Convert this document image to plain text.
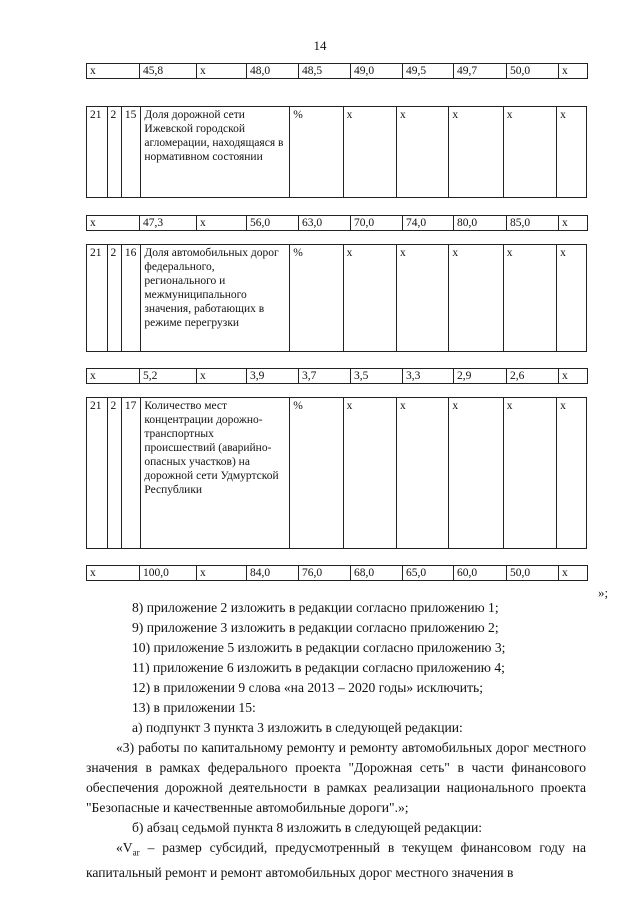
14
x	45,8	x	48,0	48,5	49,0	49,5	49,7	50,0	x
21	2	15	Доля дорожной сети Ижевской городской агломерации, находящаяся в нормативном состоянии	%	x	x	x	x	x
x	47,3	x	56,0	63,0	70,0	74,0	80,0	85,0	x
21	2	16	Доля автомобильных дорог федерального, регионального и межмуниципального значения, работающих в режиме перегрузки	%	x	x	x	x	x
x	5,2	x	3,9	3,7	3,5	3,3	2,9	2,6	x
21	2	17	Количество мест концентрации дорожно-транспортных происшествий (аварийно-опасных участков) на дорожной сети Удмуртской Республики	%	x	x	x	x	x
x	100,0	x	84,0	76,0	68,0	65,0	60,0	50,0	x
»;

8) приложение 2 изложить в редакции согласно приложению 1;

9) приложение 3 изложить в редакции согласно приложению 2;

10) приложение 5 изложить в редакции согласно приложению 3;

11) приложение 6 изложить в редакции согласно приложению 4;

12) в приложении 9 слова «на 2013 – 2020 годы» исключить;

13) в приложении 15:

а) подпункт 3 пункта 3 изложить в следующей редакции:

«3) работы по капитальному ремонту и ремонту автомобильных дорог местного значения в рамках федерального проекта "Дорожная сеть" в части финансового обеспечения дорожной деятельности в рамках реализации национального проекта "Безопасные и качественные автомобильные дороги".»;

б) абзац седьмой пункта 8 изложить в следующей редакции:

«$V_{ar}$ – размер субсидий, предусмотренный в текущем финансовом году на капитальный ремонт и ремонт автомобильных дорог местного значения в
